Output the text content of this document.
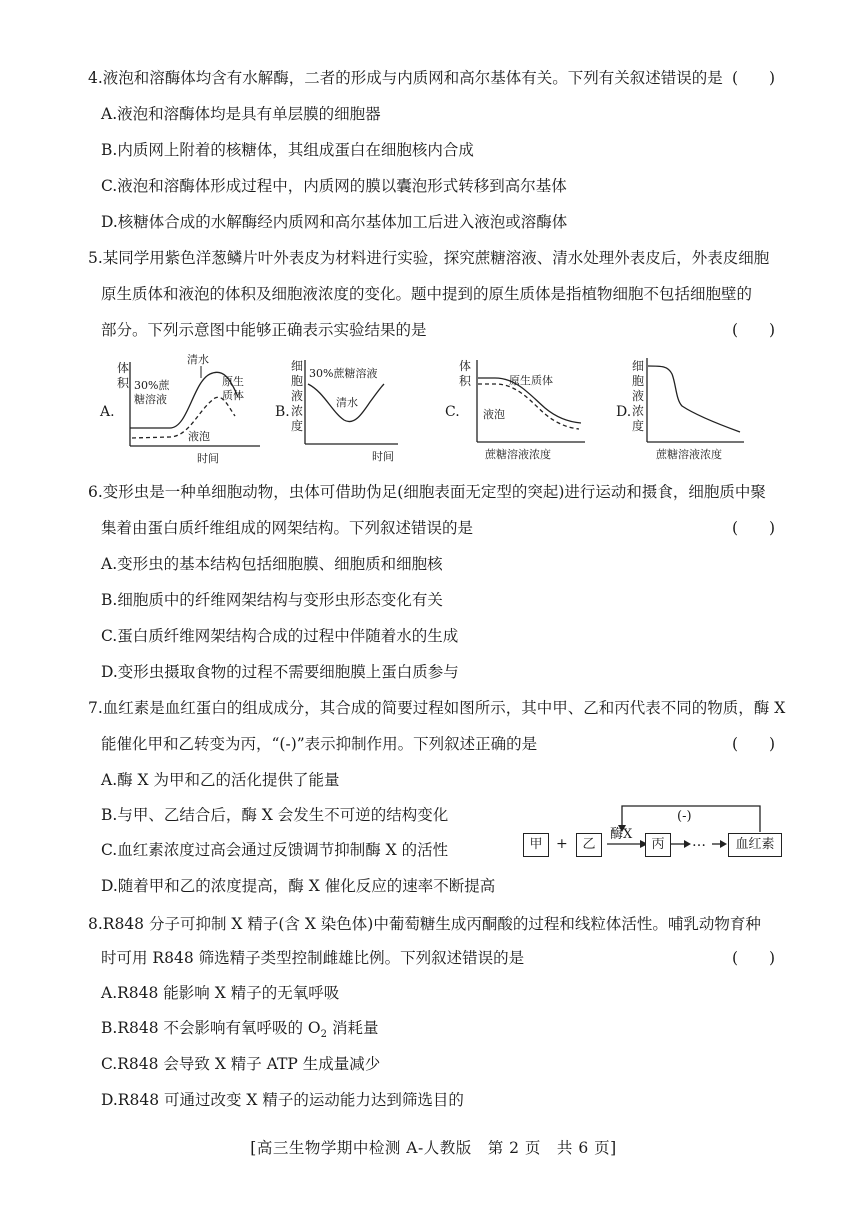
4.液泡和溶酶体均含有水解酶，二者的形成与内质网和高尔基体有关。下列有关叙述错误的是 (　　)
A.液泡和溶酶体均是具有单层膜的细胞器
B.内质网上附着的核糖体，其组成蛋白在细胞核内合成
C.液泡和溶酶体形成过程中，内质网的膜以囊泡形式转移到高尔基体
D.核糖体合成的水解酶经内质网和高尔基体加工后进入液泡或溶酶体
5.某同学用紫色洋葱鳞片叶外表皮为材料进行实验，探究蔗糖溶液、清水处理外表皮后，外表皮细胞
原生质体和液泡的体积及细胞液浓度的变化。题中提到的原生质体是指植物细胞不包括细胞壁的
部分。下列示意图中能够正确表示实验结果的是	(　　)
A.
体
积 30%蔗
糖溶液
清水
原生
质体
液泡
时间
B.
细
胞
液
浓
度
30%蔗糖溶液
清水
时间
C.
体
积	原生质体
液泡
蔗糖溶液浓度
D.
细
胞
液
浓
度
蔗糖溶液浓度
6.变形虫是一种单细胞动物，虫体可借助伪足(细胞表面无定型的突起)进行运动和摄食，细胞质中聚
集着由蛋白质纤维组成的网架结构。下列叙述错误的是	(　　)
A.变形虫的基本结构包括细胞膜、细胞质和细胞核
B.细胞质中的纤维网架结构与变形虫形态变化有关
C.蛋白质纤维网架结构合成的过程中伴随着水的生成
D.变形虫摄取食物的过程不需要细胞膜上蛋白质参与
7.血红素是血红蛋白的组成成分，其合成的简要过程如图所示，其中甲、乙和丙代表不同的物质，酶 X
能催化甲和乙转变为丙，“(-)”表示抑制作用。下列叙述正确的是	(　　)
A.酶 X 为甲和乙的活化提供了能量
B.与甲、乙结合后，酶 X 会发生不可逆的结构变化
C.血红素浓度过高会通过反馈调节抑制酶 X 的活性
D.随着甲和乙的浓度提高，酶 X 催化反应的速率不断提高
甲 +	乙
酶X
丙	…	血红素
(-)
8.R848 分子可抑制 X 精子(含 X 染色体)中葡萄糖生成丙酮酸的过程和线粒体活性。哺乳动物育种
时可用 R848 筛选精子类型控制雌雄比例。下列叙述错误的是	(　　)
A.R848 能影响 X 精子的无氧呼吸
B.R848 不会影响有氧呼吸的 $O_2$ 消耗量
C.R848 会导致 X 精子 ATP 生成量减少
D.R848 可通过改变 X 精子的运动能力达到筛选目的
[高三生物学期中检测 A-人教版　第 2 页　共 6 页]
